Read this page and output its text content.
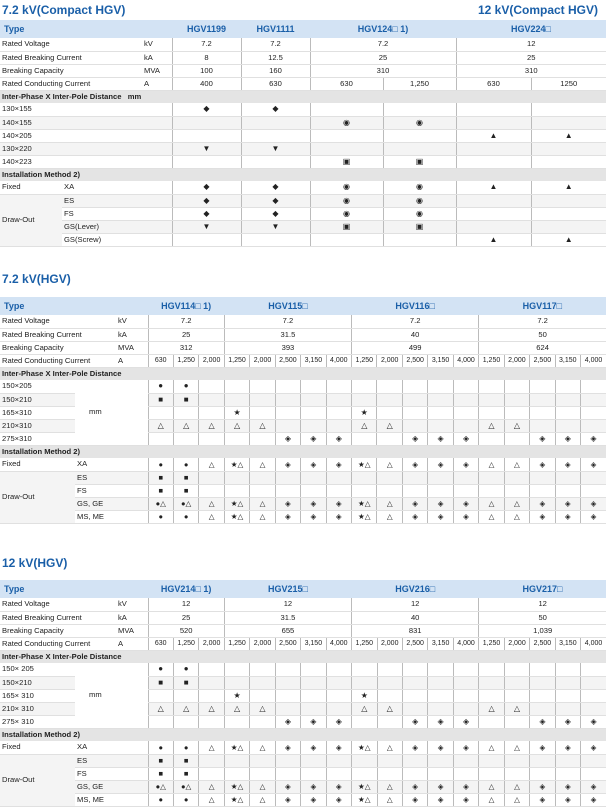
7.2 kV(Compact HGV)	12 kV(Compact HGV)
Type			HGV1199	HGV1111	HGV124□ 1)		HGV224□	
Rated Voltage		kV	7.2	7.2	7.2		12	
Rated Breaking Current		kA	8	12.5	25		25	
Breaking Capacity		MVA	100	160	310		310	
Rated Conducting Current		A	400	630	630	1,250	630	1250
Inter-Phase X Inter-Pole Distance mm								
130×155			◆	◆				
140×155					◉	◉		
140×205							▲	▲
130×220			▼	▼				
140×223					▣	▣		
Installation Method 2)								
Fixed	XA		◆	◆	◉	◉	▲	▲
Draw-Out	ES		◆	◆	◉	◉		
	FS		◆	◆	◉	◉		
	GS(Lever)		▼	▼	▣	▣		
	GS(Screw)						▲	▲
7.2 kV(HGV)
Type			HGV114□ 1)			HGV115□					HGV116□					HGV117□				
Rated Voltage		kV	7.2			7.2					7.2					7.2				
Rated Breaking Current		kA	25			31.5					40					50				
Breaking Capacity		MVA	312			393					499					624				
Rated Conducting Current		A	630	1,250	2,000	1,250	2,000	2,500	3,150	4,000	1,250	2,000	2,500	3,150	4,000	1,250	2,000	2,500	3,150	4,000
Inter-Phase X Inter-Pole Distance																				
150×205	mm		●	●																
150×210			■	■																
165×310						★					★									
210×310			△	△	△	△	△				△	△				△	△			
275×310								◈	◈	◈			◈	◈	◈			◈	◈	◈
Installation Method 2)																				
Fixed	XA		●	●	△	★△	△	◈	◈	◈	★△	△	◈	◈	◈	△	△	◈	◈	◈
Draw-Out	ES		■	■																
	FS		■	■																
	GS, GE		●△	●△	△	★△	△	◈	◈	◈	★△	△	◈	◈	◈	△	△	◈	◈	◈
	MS, ME		●	●	△	★△	△	◈	◈	◈	★△	△	◈	◈	◈	△	△	◈	◈	◈
12 kV(HGV)
Type			HGV214□ 1)			HGV215□					HGV216□					HGV217□				
Rated Voltage		kV	12			12					12					12				
Rated Breaking Current		kA	25			31.5					40					50				
Breaking Capacity		MVA	520			655					831					1,039				
Rated Conducting Current		A	630	1,250	2,000	1,250	2,000	2,500	3,150	4,000	1,250	2,000	2,500	3,150	4,000	1,250	2,000	2,500	3,150	4,000
Inter-Phase X Inter-Pole Distance																				
150× 205	mm		●	●																
150×210			■	■																
165× 310						★					★									
210× 310			△	△	△	△	△				△	△				△	△			
275× 310								◈	◈	◈			◈	◈	◈			◈	◈	◈
Installation Method 2)																				
Fixed	XA		●	●	△	★△	△	◈	◈	◈	★△	△	◈	◈	◈	△	△	◈	◈	◈
Draw-Out	ES		■	■																
	FS		■	■																
	GS, GE		●△	●△	△	★△	△	◈	◈	◈	★△	△	◈	◈	◈	△	△	◈	◈	◈
	MS, ME		●	●	△	★△	△	◈	◈	◈	★△	△	◈	◈	◈	△	△	◈	◈	◈
